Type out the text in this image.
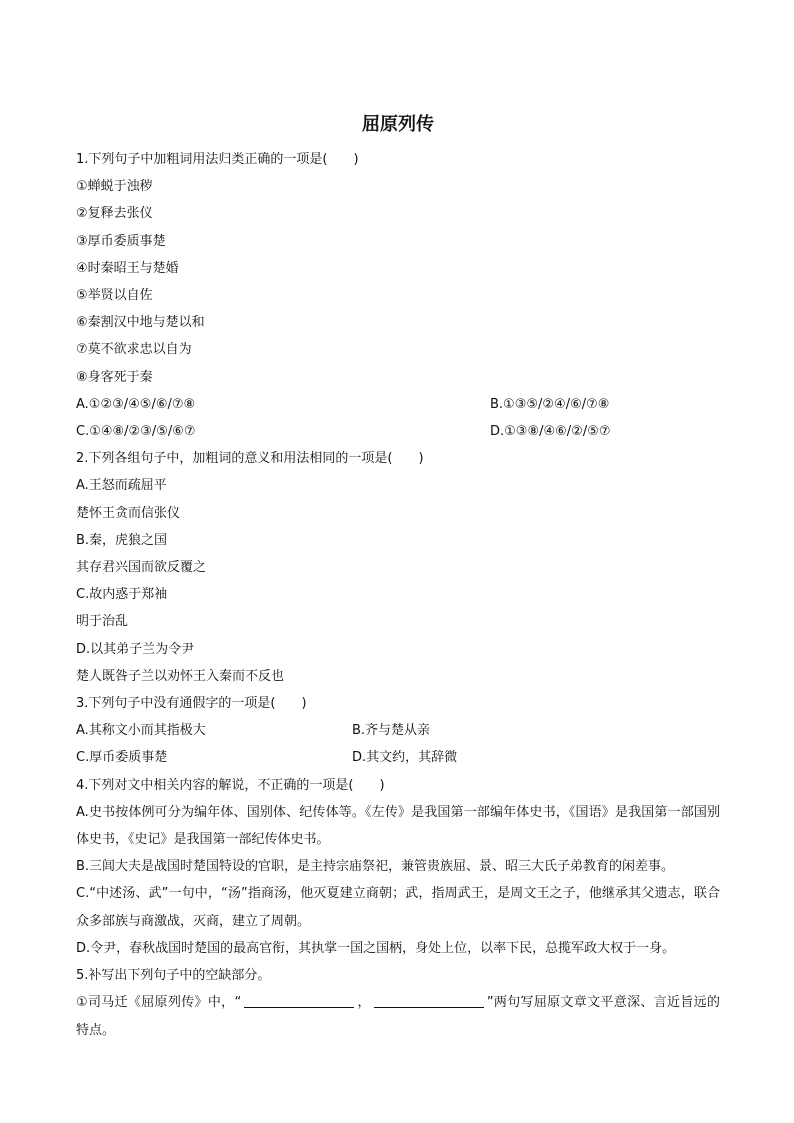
屈原列传
1.下列句子中加粗词用法归类正确的一项是(　　)
①蝉蜕于浊秽
②复释去张仪
③厚币委质事楚
④时秦昭王与楚婚
⑤举贤以自佐
⑥秦割汉中地与楚以和
⑦莫不欲求忠以自为
⑧身客死于秦
A.①②③/④⑤/⑥/⑦⑧	B.①③⑤/②④/⑥/⑦⑧
C.①④⑧/②③/⑤/⑥⑦	D.①③⑧/④⑥/②/⑤⑦
2.下列各组句子中，加粗词的意义和用法相同的一项是(　　)
A.王怒而疏屈平
楚怀王贪而信张仪
B.秦，虎狼之国
其存君兴国而欲反覆之
C.故内惑于郑袖
明于治乱
D.以其弟子兰为令尹
楚人既咎子兰以劝怀王入秦而不反也
3.下列句子中没有通假字的一项是(　　)
A.其称文小而其指极大	B.齐与楚从亲
C.厚币委质事楚	D.其文约，其辞微
4.下列对文中相关内容的解说，不正确的一项是(　　)
A.史书按体例可分为编年体、国别体、纪传体等。《左传》是我国第一部编年体史书，《国语》是我国第一部国别体史书，《史记》是我国第一部纪传体史书。
B.三闾大夫是战国时楚国特设的官职，是主持宗庙祭祀，兼管贵族屈、景、昭三大氏子弟教育的闲差事。
C.“中述汤、武”一句中，“汤”指商汤，他灭夏建立商朝；武，指周武王，是周文王之子，他继承其父遗志，联合众多部族与商激战，灭商，建立了周朝。
D.令尹，春秋战国时楚国的最高官衔，其执掌一国之国柄，身处上位，以率下民，总揽军政大权于一身。
5.补写出下列句子中的空缺部分。
①司马迁《屈原列传》中，“	，	”两句写屈原文章文平意深、言近旨远的特点。
